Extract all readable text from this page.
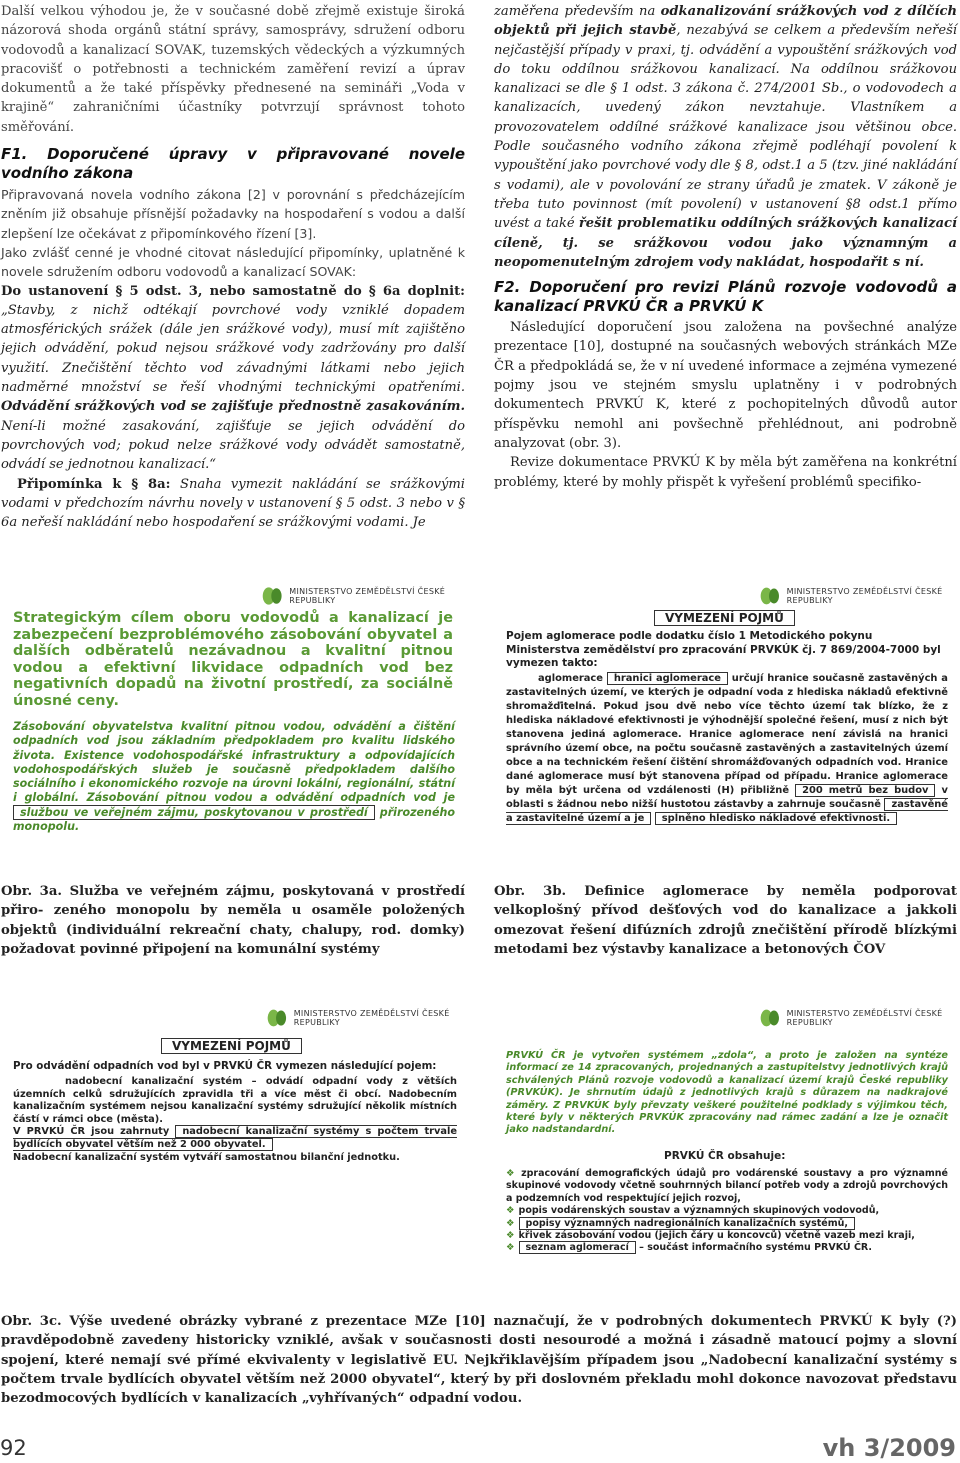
Další velkou výhodou je, že v současné době zřejmě existuje široká názorová shoda orgánů státní správy, samosprávy, sdružení odboru vodovodů a kanalizací SOVAK, tuzemských vědeckých a výzkumných pracovišť o potřebnosti a technickém zaměření revizí a úprav dokumentů a že také příspěvky přednesené na semináři „Voda v krajině“ zahraničními účastníky potvrzují správnost tohoto směřování.

F1. Doporučené úpravy v připravované novele vodního zákona

Připravovaná novela vodního zákona [2] v porovnání s předcházejícím zněním již obsahuje přísnější požadavky na hospodaření s vodou a další zlepšení lze očekávat z připomínkového řízení [3].

Jako zvlášť cenné je vhodné citovat následující připomínky, uplatněné k novele sdružením odboru vodovodů a kanalizací SOVAK:

Do ustanovení § 5 odst. 3, nebo samostatně do § 6a doplnit: „Stavby, z nichž odtékají povrchové vody vzniklé dopadem atmosférických srážek (dále jen srážkové vody), musí mít zajištěno jejich odvádění, pokud nejsou srážkové vody zadržovány pro další využití. Znečištění těchto vod závadnými látkami nebo jejich nadměrné množství se řeší vhodnými technickými opatřeními. Odvádění srážkových vod se zajišťuje přednostně zasakováním. Není-li možné zasakování, zajišťuje se jejich odvádění do povrchových vod; pokud nelze srážkové vody odvádět samostatně, odvádí se jednotnou kanalizací.“

Připomínka k § 8a: Snaha vymezit nakládání se srážkovými vodami v předchozím návrhu novely v ustanovení § 5 odst. 3 nebo v § 6a neřeší nakládání nebo hospodaření se srážkovými vodami. Je

zaměřena především na odkanalizování srážkových vod z dílčích objektů při jejich stavbě, nezabývá se celkem a především neřeší nejčastější případy v praxi, tj. odvádění a vypouštění srážkových vod do toku oddílnou srážkovou kanalizací. Na oddílnou srážkovou kanalizaci se dle § 1 odst. 3 zákona č. 274/2001 Sb., o vodovodech a kanalizacích, uvedený zákon nevztahuje. Vlastníkem a provozovatelem oddílné srážkové kanalizace jsou většinou obce. Podle současného vodního zákona zřejmě podléhají povolení k vypouštění jako povrchové vody dle § 8, odst.1 a 5 (tzv. jiné nakládání s vodami), ale v povolování ze strany úřadů je zmatek. V zákoně je třeba tuto povinnost (mít povolení) v ustanovení §8 odst.1 přímo uvést a také řešit problematiku oddílných srážkových kanalizací cíleně, tj. se srážkovou vodou jako významným a neopomenutelným zdrojem vody nakládat, hospodařit s ní.

F2. Doporučení pro revizi Plánů rozvoje vodovodů a kanalizací PRVKÚ ČR a PRVKÚ K

Následující doporučení jsou založena na povšechné analýze prezentace [10], dostupné na současných webových stránkách MZe ČR a předpokládá se, že v ní uvedené informace a zejména vymezené pojmy jsou ve stejném smyslu uplatněny i v podrobných dokumentech PRVKÚ K, které z pochopitelných důvodů autor příspěvku nemohl ani povšechně přehlédnout, ani podrobně analyzovat (obr. 3).

Revize dokumentace PRVKÚ K by měla být zaměřena na konkrétní problémy, které by mohly přispět k vyřešení problémů specifiko-

MINISTERSTVO ZEMĚDĚLSTVÍ ČESKÉ REPUBLIKY
Strategickým cílem oboru vodovodů a kanalizací je zabezpečení bezproblémového zásobování obyvatel a dalších odběratelů nezávadnou a kvalitní pitnou vodou a efektivní likvidace odpadních vod bez negativních dopadů na životní prostředí, za sociálně únosné ceny.
Zásobování obyvatelstva kvalitní pitnou vodou, odvádění a čištění odpadních vod jsou základním předpokladem pro kvalitu lidského života. Existence vodohospodářské infrastruktury a odpovídajících vodohospodářských služeb je současně předpokladem dalšího sociálního i ekonomického rozvoje na úrovni lokální, regionální, státní i globální. Zásobování pitnou vodou a odvádění odpadních vod je službou ve veřejném zájmu, poskytovanou v prostředí přirozeného monopolu.
MINISTERSTVO ZEMĚDĚLSTVÍ ČESKÉ REPUBLIKY
VYMEZENÍ POJMŮ
Pojem aglomerace podle dodatku číslo 1 Metodického pokynu Ministerstva zemědělství pro zpracování PRVKÚK čj. 7 869/2004-7000 byl vymezen takto:
aglomerace hranici aglomerace určují hranice současně zastavěných a zastavitelných území, ve kterých je odpadní voda z hlediska nákladů efektivně shromažďitelná. Pokud jsou dvě nebo více těchto území tak blízko, že z hlediska nákladové efektivnosti je výhodnější společné řešení, musí z nich být stanovena jediná aglomerace. Hranice aglomerace není závislá na hranici správního území obce, na počtu současně zastavěných a zastavitelných území obce a na technickém řešení čištění shromážďovaných odpadních vod. Hranice dané aglomerace musí být stanovena případ od případu. Hranice aglomerace by měla být určena od vzdálenosti (H) přibližně 200 metrů bez budov v oblasti s žádnou nebo nižší hustotou zástavby a zahrnuje současně zastavěné a zastavitelné území a je splněno hledisko nákladové efektivnosti.
Obr. 3a. Služba ve veřejném zájmu, poskytovaná v prostředí přiro- zeného monopolu by neměla u osaměle položených objektů (individuální rekreační chaty, chalupy, rod. domky) požadovat povinné připojení na komunální systémy
Obr. 3b. Definice aglomerace by neměla podporovat velkoplošný přívod dešťových vod do kanalizace a jakkoli omezovat řešení difúzních zdrojů znečištění přírodě blízkými metodami bez výstavby kanalizace a betonových ČOV
MINISTERSTVO ZEMĚDĚLSTVÍ ČESKÉ REPUBLIKY
VYMEZENÍ POJMŮ
Pro odvádění odpadních vod byl v PRVKÚ ČR vymezen následující pojem:
nadobecní kanalizační systém – odvádí odpadní vody z větších územních celků sdružujících zpravidla tři a více měst či obcí. Nadobecním kanalizačním systémem nejsou kanalizační systémy sdružující několik místních částí v rámci obce (města).
V PRVKÚ ČR jsou zahrnuty nadobecní kanalizační systémy s počtem trvale bydlících obyvatel větším než 2 000 obyvatel.
Nadobecní kanalizační systém vytváří samostatnou bilanční jednotku.
MINISTERSTVO ZEMĚDĚLSTVÍ ČESKÉ REPUBLIKY
PRVKÚ ČR je vytvořen systémem „zdola“, a proto je založen na syntéze informací ze 14 zpracovaných, projednaných a zastupitelstvy jednotlivých krajů schválených Plánů rozvoje vodovodů a kanalizací území krajů České republiky (PRVKÚK). Je shrnutím údajů z jednotlivých krajů s důrazem na nadkrajové záměry. Z PRVKÚK byly převzaty veškeré použitelné podklady s výjimkou těch, které byly v některých PRVKÚK zpracovány nad rámec zadání a lze je označit jako nadstandardní.
PRVKÚ ČR obsahuje:
❖ zpracování demografických údajů pro vodárenské soustavy a pro významné skupinové vodovody včetně souhrnných bilancí potřeb vody a zdrojů povrchových a podzemních vod respektující jejich rozvoj,
❖ popis vodárenských soustav a významných skupinových vodovodů,
❖ popisy významných nadregionálních kanalizačních systémů,
❖ křivek zásobování vodou (jejich čáry u koncovců) včetně vazeb mezi kraji,
❖ seznam aglomerací – součást informačního systému PRVKÚ ČR.
Obr. 3c. Výše uvedené obrázky vybrané z prezentace MZe [10] naznačují, že v podrobných dokumentech PRVKÚ K byly (?) pravděpodobně zavedeny historicky vzniklé, avšak v současnosti dosti nesourodé a možná i zásadně matoucí pojmy a slovní spojení, které nemají své přímé ekvivalenty v legislativě EU. Nejkřiklavějším případem jsou „Nadobecní kanalizační systémy s počtem trvale bydlících obyvatel větším než 2000 obyvatel“, který by při doslovném překladu mohl dokonce navozovat představu bezodmocových bydlících v kanalizacích „vyhřívaných“ odpadní vodou.
92	vh 3/2009
